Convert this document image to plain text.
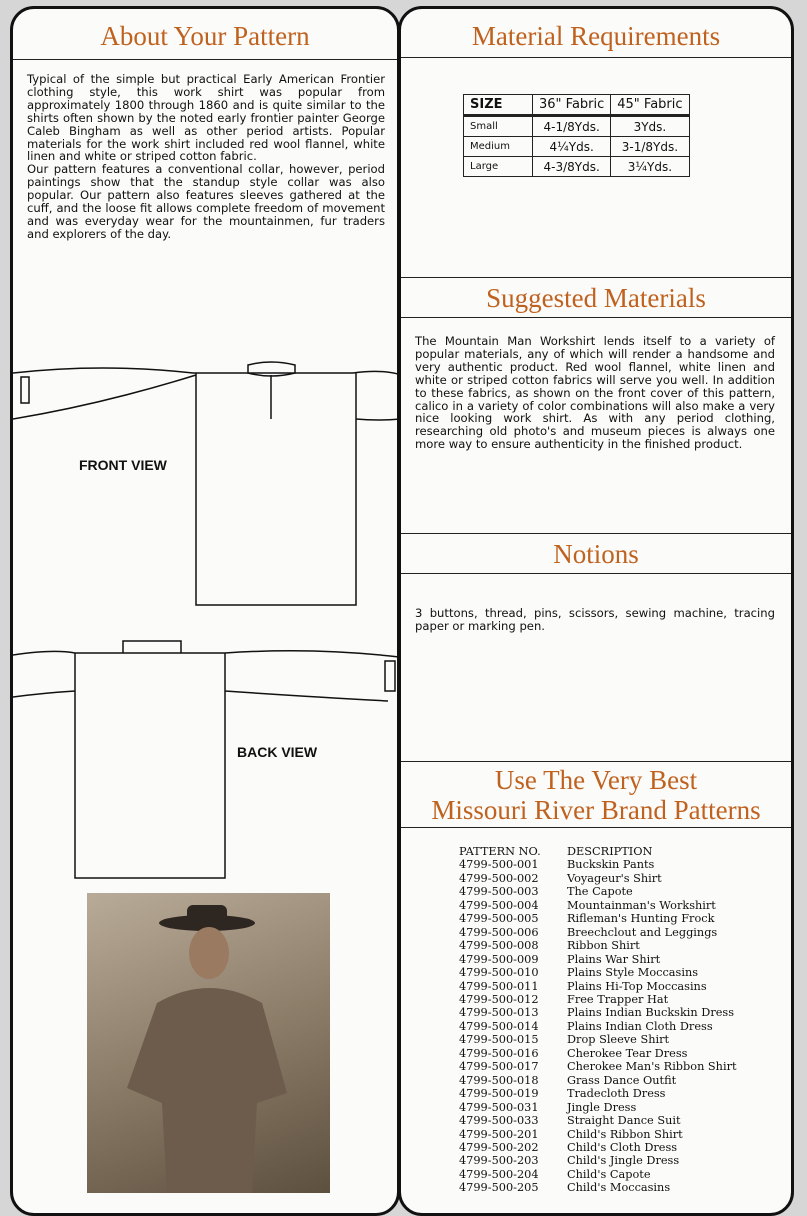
About Your Pattern
Typical of the simple but practical Early American Frontier clothing style, this work shirt was popular from approximately 1800 through 1860 and is quite similar to the shirts often shown by the noted early frontier painter George Caleb Bingham as well as other period artists. Popular materials for the work shirt included red wool flannel, white linen and white or striped cotton fabric.
Our pattern features a conventional collar, however, period paintings show that the standup style collar was also popular. Our pattern also features sleeves gathered at the cuff, and the loose fit allows complete freedom of movement and was everyday wear for the mountainmen, fur traders and explorers of the day.
FRONT VIEW
BACK VIEW
Material Requirements
SIZE	36" Fabric	45" Fabric
Small	4-1/8Yds.	3Yds.
Medium	4¼Yds.	3-1/8Yds.
Large	4-3/8Yds.	3¼Yds.
Suggested Materials
The Mountain Man Workshirt lends itself to a variety of popular materials, any of which will render a handsome and very authentic product. Red wool flannel, white linen and white or striped cotton fabrics will serve you well. In addition to these fabrics, as shown on the front cover of this pattern, calico in a variety of color combinations will also make a very nice looking work shirt. As with any period clothing, researching old photo's and museum pieces is always one more way to ensure authenticity in the finished product.
Notions
3 buttons, thread, pins, scissors, sewing machine, tracing paper or marking pen.
Use The Very Best
Missouri River Brand Patterns
PATTERN NO.	DESCRIPTION
4799-500-001	Buckskin Pants
4799-500-002	Voyageur's Shirt
4799-500-003	The Capote
4799-500-004	Mountainman's Workshirt
4799-500-005	Rifleman's Hunting Frock
4799-500-006	Breechclout and Leggings
4799-500-008	Ribbon Shirt
4799-500-009	Plains War Shirt
4799-500-010	Plains Style Moccasins
4799-500-011	Plains Hi-Top Moccasins
4799-500-012	Free Trapper Hat
4799-500-013	Plains Indian Buckskin Dress
4799-500-014	Plains Indian Cloth Dress
4799-500-015	Drop Sleeve Shirt
4799-500-016	Cherokee Tear Dress
4799-500-017	Cherokee Man's Ribbon Shirt
4799-500-018	Grass Dance Outfit
4799-500-019	Tradecloth Dress
4799-500-031	Jingle Dress
4799-500-033	Straight Dance Suit
4799-500-201	Child's Ribbon Shirt
4799-500-202	Child's Cloth Dress
4799-500-203	Child's Jingle Dress
4799-500-204	Child's Capote
4799-500-205	Child's Moccasins
